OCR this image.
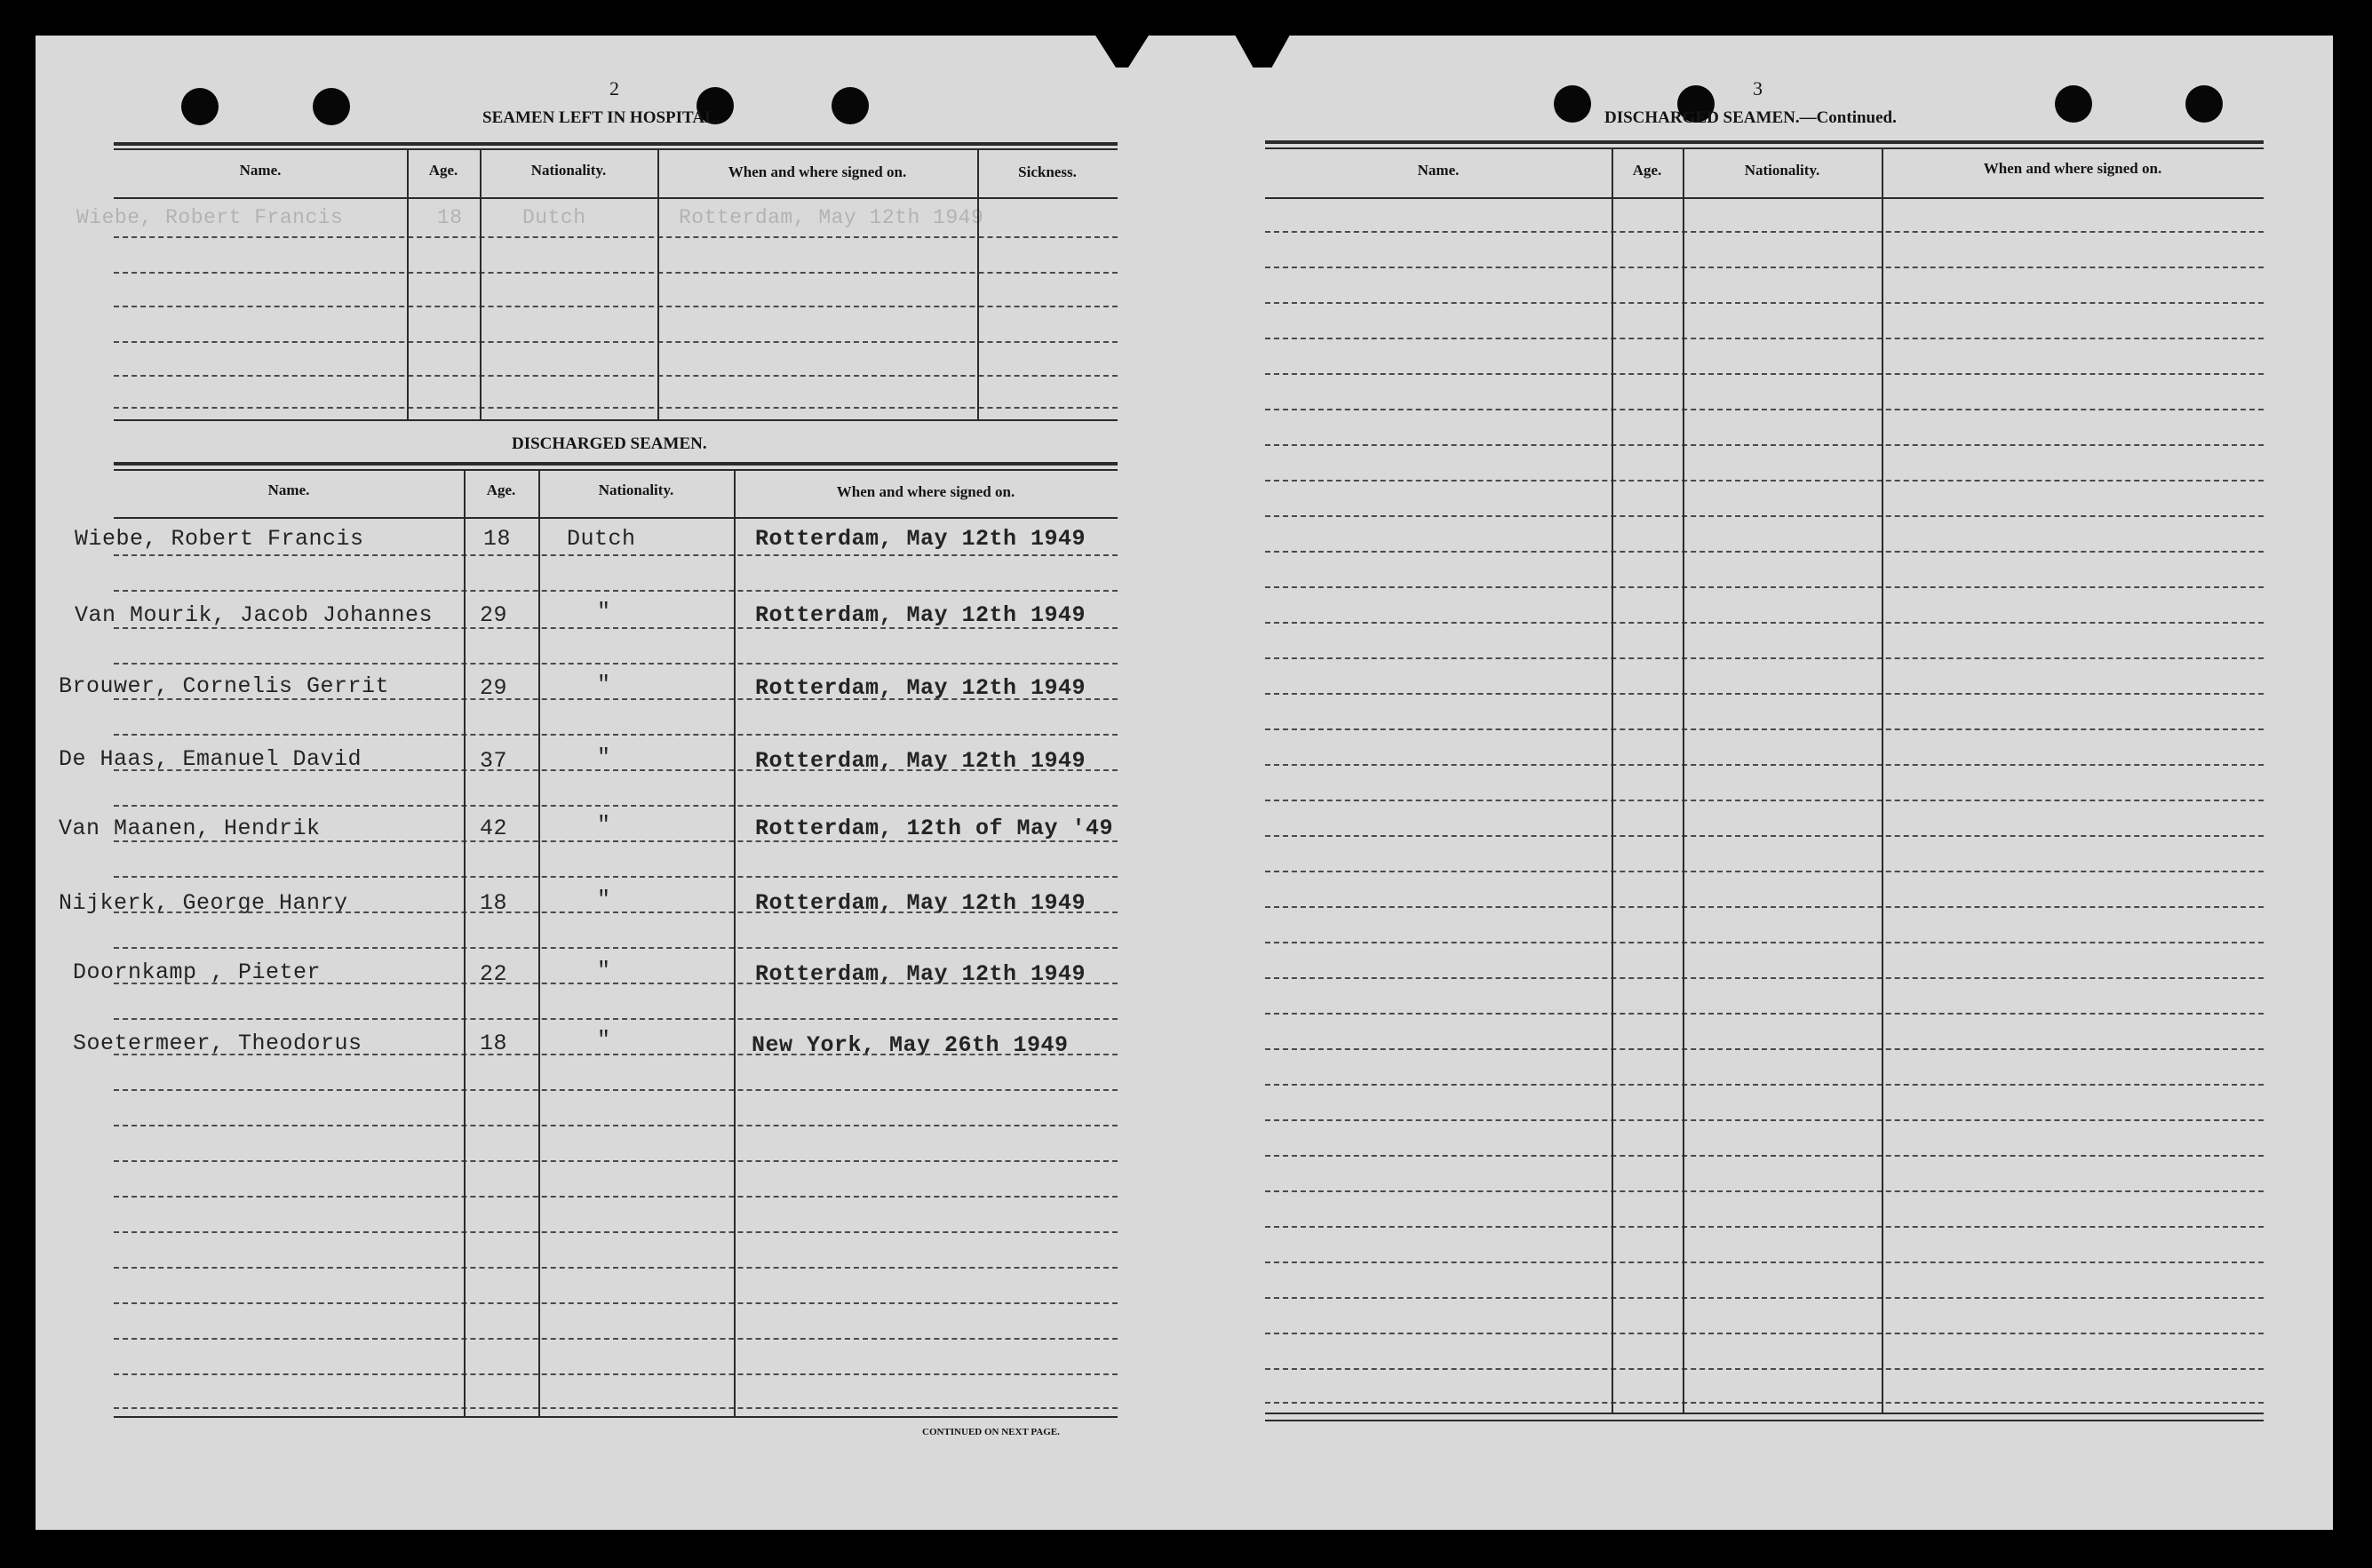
2
SEAMEN LEFT IN HOSPITAL.
Name.	Age.	Nationality.	When and where signed on.	Sickness.
Wiebe, Robert Francis	18	Dutch	Rotterdam, May 12th 1949
DISCHARGED SEAMEN.
Name.	Age.	Nationality.	When and where signed on.
Wiebe, Robert Francis	18	Dutch	Rotterdam, May 12th 1949
Van Mourik, Jacob Johannes 29	"	Rotterdam, May 12th 1949
Brouwer, Cornelis Gerrit	29	"	Rotterdam, May 12th 1949
De Haas, Emanuel David	37	"	Rotterdam, May 12th 1949
Van Maanen, Hendrik	42	"	Rotterdam, 12th of May '49
Nijkerk, George Hanry	18	"	Rotterdam, May 12th 1949
Doornkamp , Pieter	22	"	Rotterdam, May 12th 1949
Soetermeer, Theodorus	18	"	New York, May 26th 1949
CONTINUED ON NEXT PAGE.
3
DISCHARGED SEAMEN.—Continued.
Name.	Age.	Nationality.	When and where signed on.
